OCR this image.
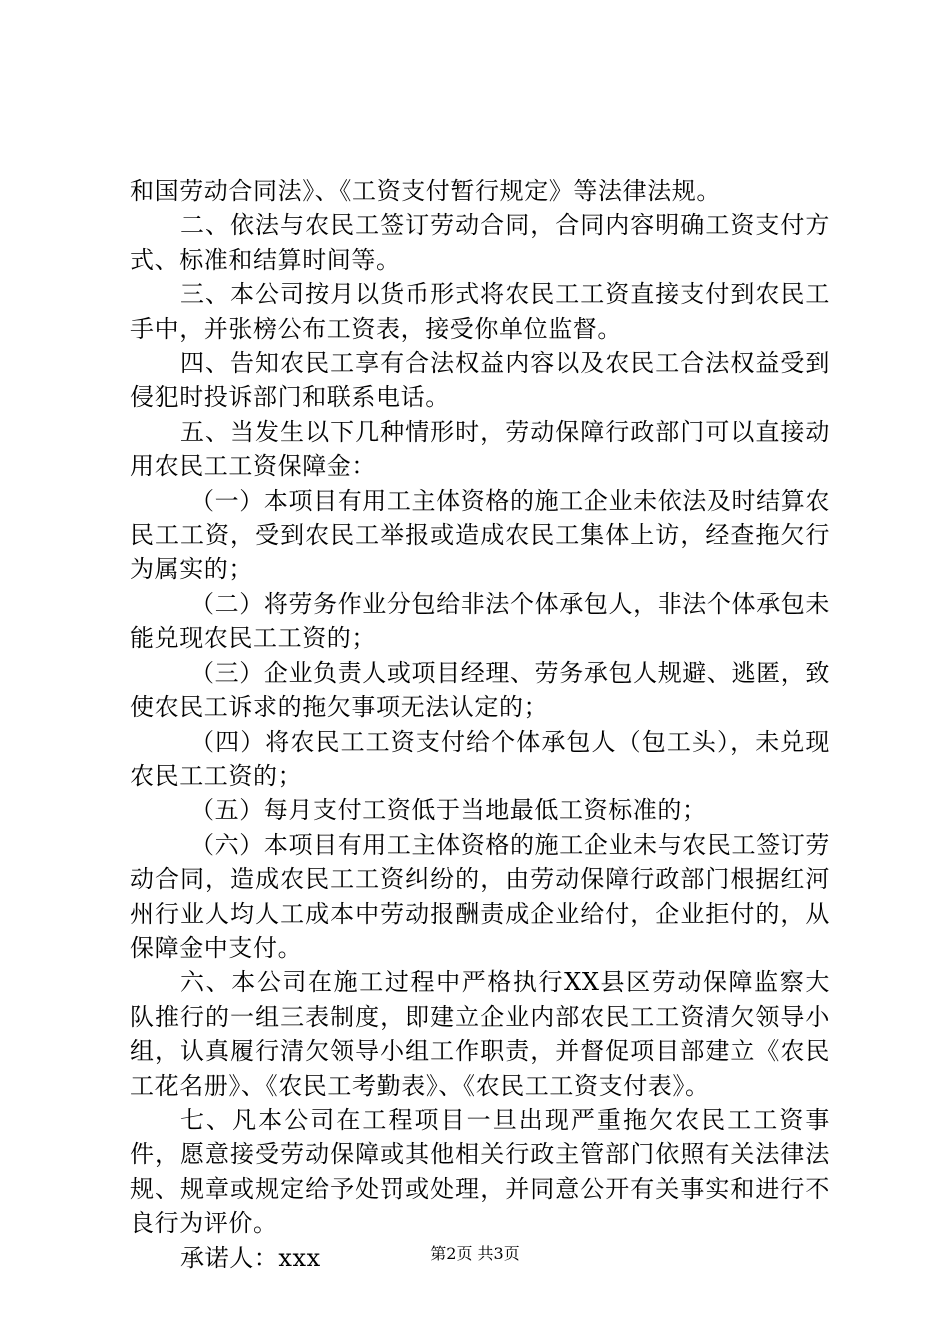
和国劳动合同法》、《工资支付暂行规定》等法律法规。

二、依法与农民工签订劳动合同，合同内容明确工资支付方式、标准和结算时间等。

三、本公司按月以货币形式将农民工工资直接支付到农民工手中，并张榜公布工资表，接受你单位监督。

四、告知农民工享有合法权益内容以及农民工合法权益受到侵犯时投诉部门和联系电话。

五、当发生以下几种情形时，劳动保障行政部门可以直接动用农民工工资保障金：

（一）本项目有用工主体资格的施工企业未依法及时结算农民工工资，受到农民工举报或造成农民工集体上访，经查拖欠行为属实的；

（二）将劳务作业分包给非法个体承包人，非法个体承包未能兑现农民工工资的；

（三）企业负责人或项目经理、劳务承包人规避、逃匿，致使农民工诉求的拖欠事项无法认定的；

（四）将农民工工资支付给个体承包人（包工头），未兑现农民工工资的；

（五）每月支付工资低于当地最低工资标准的；

（六）本项目有用工主体资格的施工企业未与农民工签订劳动合同，造成农民工工资纠纷的，由劳动保障行政部门根据红河州行业人均人工成本中劳动报酬责成企业给付，企业拒付的，从保障金中支付。

六、本公司在施工过程中严格执行XX县区劳动保障监察大队推行的一组三表制度，即建立企业内部农民工工资清欠领导小组，认真履行清欠领导小组工作职责，并督促项目部建立《农民工花名册》、《农民工考勤表》、《农民工工资支付表》。

七、凡本公司在工程项目一旦出现严重拖欠农民工工资事件，愿意接受劳动保障或其他相关行政主管部门依照有关法律法规、规章或规定给予处罚或处理，并同意公开有关事实和进行不良行为评价。

承诺人：xxx	第2页 共3页
